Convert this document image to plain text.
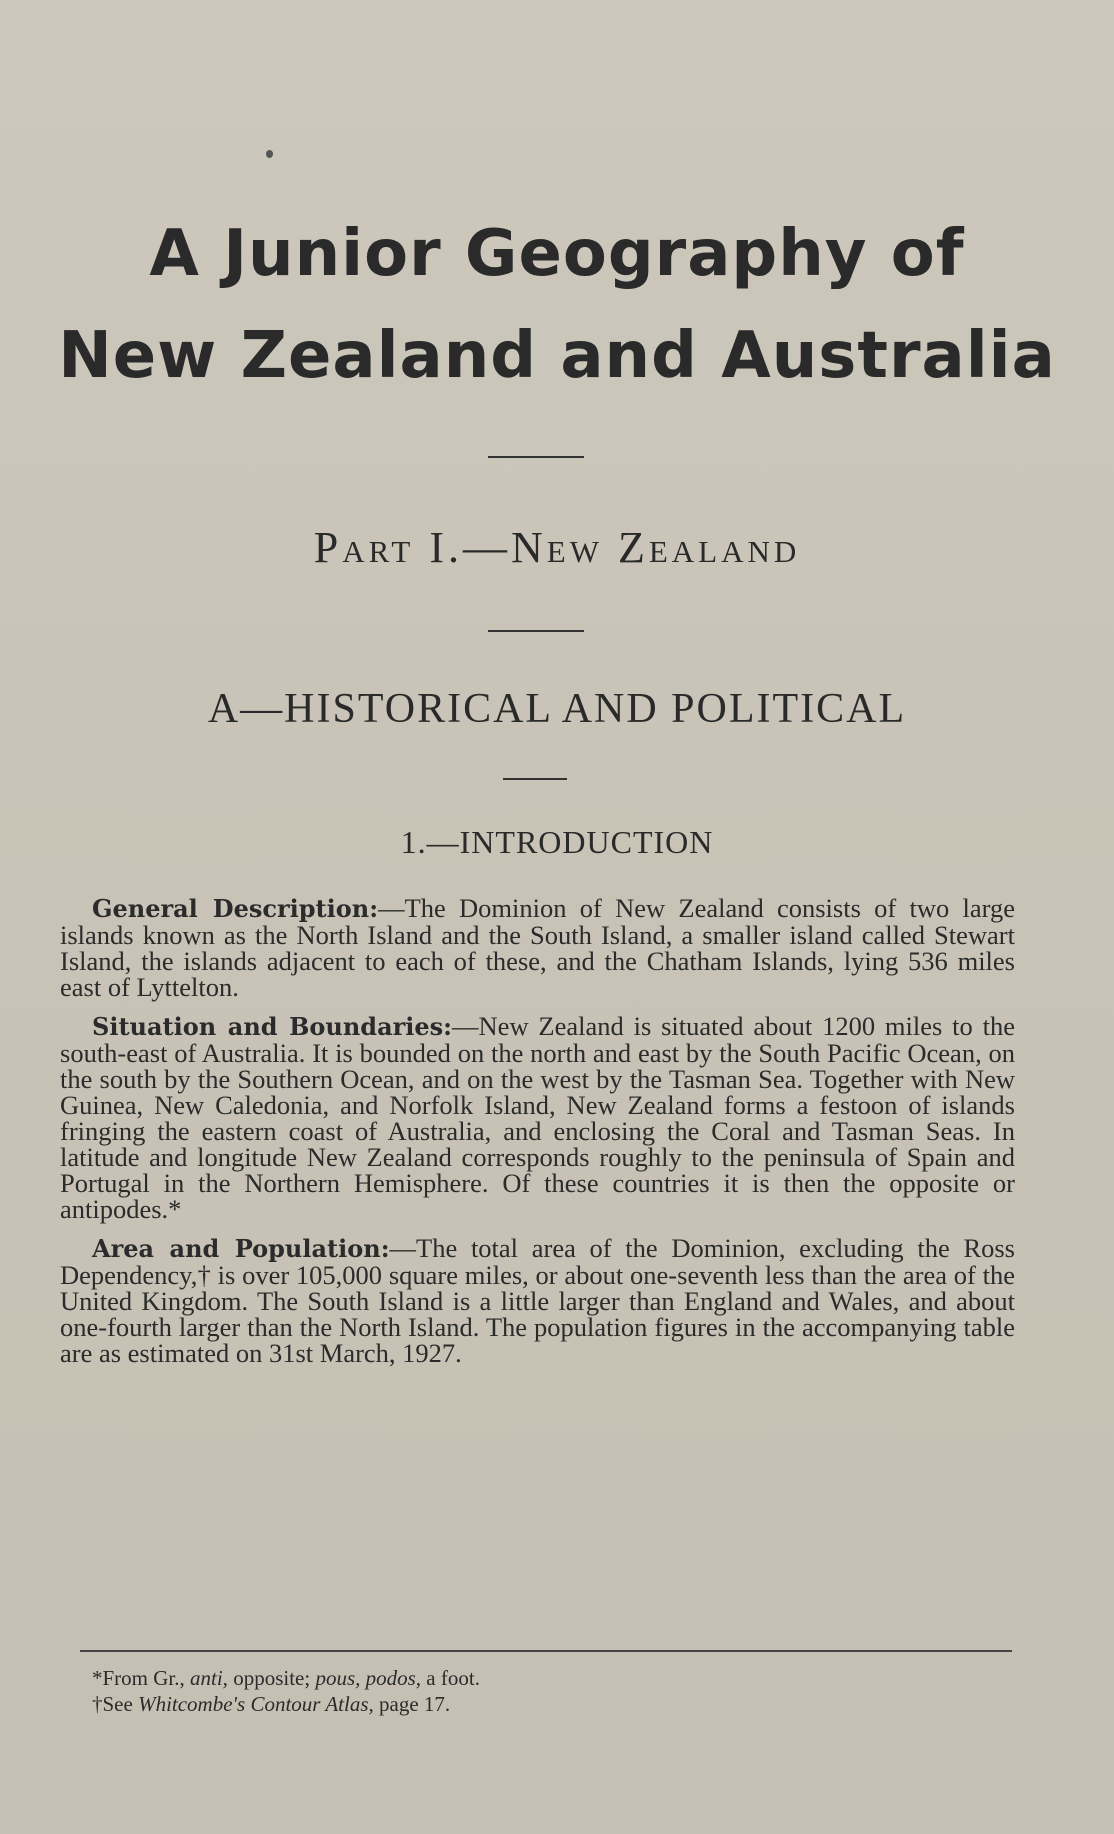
A Junior Geography of
New Zealand and Australia
Part I.—New Zealand
A—HISTORICAL AND POLITICAL
1.—INTRODUCTION

General Description:—The Dominion of New Zealand consists of two large islands known as the North Island and the South Island, a smaller island called Stewart Island, the islands adjacent to each of these, and the Chatham Islands, lying 536 miles east of Lyttelton.

Situation and Boundaries:—New Zealand is situated about 1200 miles to the south-east of Australia. It is bounded on the north and east by the South Pacific Ocean, on the south by the Southern Ocean, and on the west by the Tasman Sea. Together with New Guinea, New Caledonia, and Norfolk Island, New Zealand forms a festoon of islands fringing the eastern coast of Australia, and enclosing the Coral and Tasman Seas. In latitude and longitude New Zealand corresponds roughly to the peninsula of Spain and Portugal in the Northern Hemisphere. Of these countries it is then the opposite or antipodes.*

Area and Population:—The total area of the Dominion, excluding the Ross Dependency,† is over 105,000 square miles, or about one-seventh less than the area of the United Kingdom. The South Island is a little larger than England and Wales, and about one-fourth larger than the North Island. The population figures in the accompanying table are as estimated on 31st March, 1927.

*From Gr., anti, opposite; pous, podos, a foot.
†See Whitcombe's Contour Atlas, page 17.
